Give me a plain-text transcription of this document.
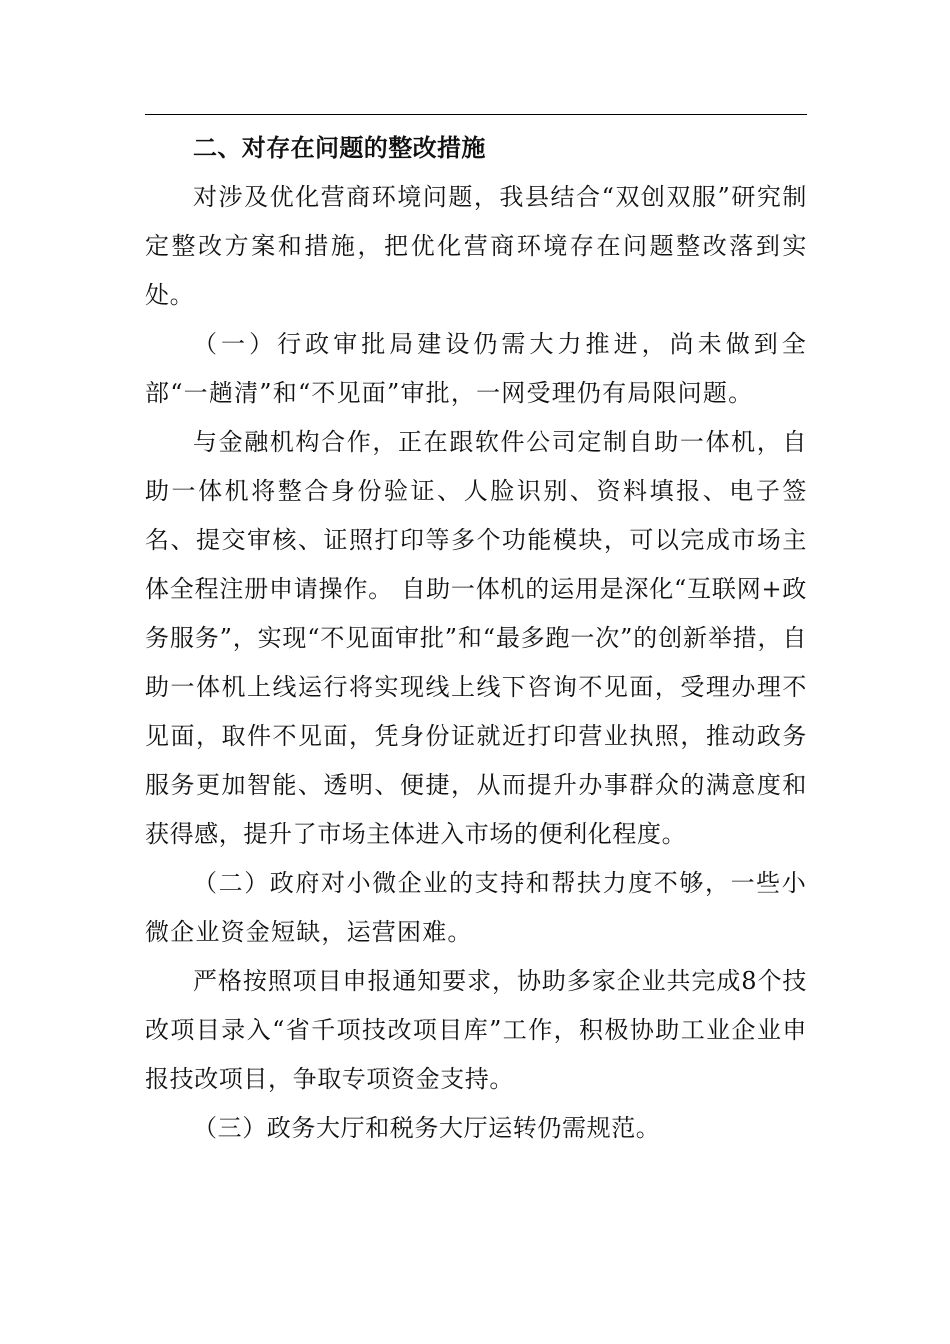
二、对存在问题的整改措施

对涉及优化营商环境问题，我县结合“双创双服”研究制定整改方案和措施，把优化营商环境存在问题整改落到实处。

（一）行政审批局建设仍需大力推进，尚未做到全部“一趟清”和“不见面”审批，一网受理仍有局限问题。

与金融机构合作，正在跟软件公司定制自助一体机，自助一体机将整合身份验证、人脸识别、资料填报、电子签名、提交审核、证照打印等多个功能模块，可以完成市场主体全程注册申请操作。 自助一体机的运用是深化“互联网+政务服务”，实现“不见面审批”和“最多跑一次”的创新举措，自助一体机上线运行将实现线上线下咨询不见面，受理办理不见面，取件不见面，凭身份证就近打印营业执照，推动政务服务更加智能、透明、便捷，从而提升办事群众的满意度和获得感，提升了市场主体进入市场的便利化程度。

（二）政府对小微企业的支持和帮扶力度不够，一些小微企业资金短缺，运营困难。

严格按照项目申报通知要求，协助多家企业共完成8个技改项目录入“省千项技改项目库”工作，积极协助工业企业申报技改项目，争取专项资金支持。

（三）政务大厅和税务大厅运转仍需规范。
